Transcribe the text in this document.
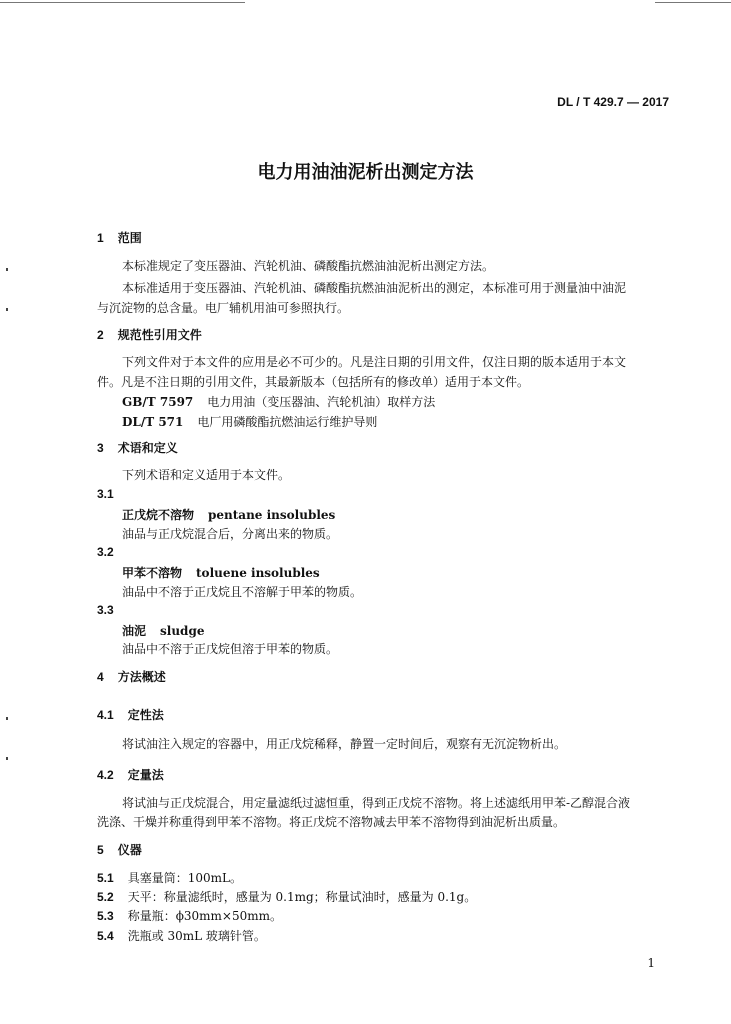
DL / T 429.7 — 2017
电力用油油泥析出测定方法
1 范围
本标准规定了变压器油、汽轮机油、磷酸酯抗燃油油泥析出测定方法。
本标准适用于变压器油、汽轮机油、磷酸酯抗燃油油泥析出的测定，本标准可用于测量油中油泥
与沉淀物的总含量。电厂辅机用油可参照执行。
2 规范性引用文件
下列文件对于本文件的应用是必不可少的。凡是注日期的引用文件，仅注日期的版本适用于本文
件。凡是不注日期的引用文件，其最新版本（包括所有的修改单）适用于本文件。
GB/T 7597 电力用油（变压器油、汽轮机油）取样方法
DL/T 571 电厂用磷酸酯抗燃油运行维护导则
3 术语和定义
下列术语和定义适用于本文件。
3.1
正戊烷不溶物 pentane insolubles
油品与正戊烷混合后，分离出来的物质。
3.2
甲苯不溶物 toluene insolubles
油品中不溶于正戊烷且不溶解于甲苯的物质。
3.3
油泥 sludge
油品中不溶于正戊烷但溶于甲苯的物质。
4 方法概述
4.1 定性法
将试油注入规定的容器中，用正戊烷稀释，静置一定时间后，观察有无沉淀物析出。
4.2 定量法
将试油与正戊烷混合，用定量滤纸过滤恒重，得到正戊烷不溶物。将上述滤纸用甲苯-乙醇混合液
洗涤、干燥并称重得到甲苯不溶物。将正戊烷不溶物减去甲苯不溶物得到油泥析出质量。
5 仪器
5.1 具塞量筒：100mL。
5.2 天平：称量滤纸时，感量为 0.1mg；称量试油时，感量为 0.1g。
5.3 称量瓶：ϕ30mm×50mm。
5.4 洗瓶或 30mL 玻璃针管。
1
